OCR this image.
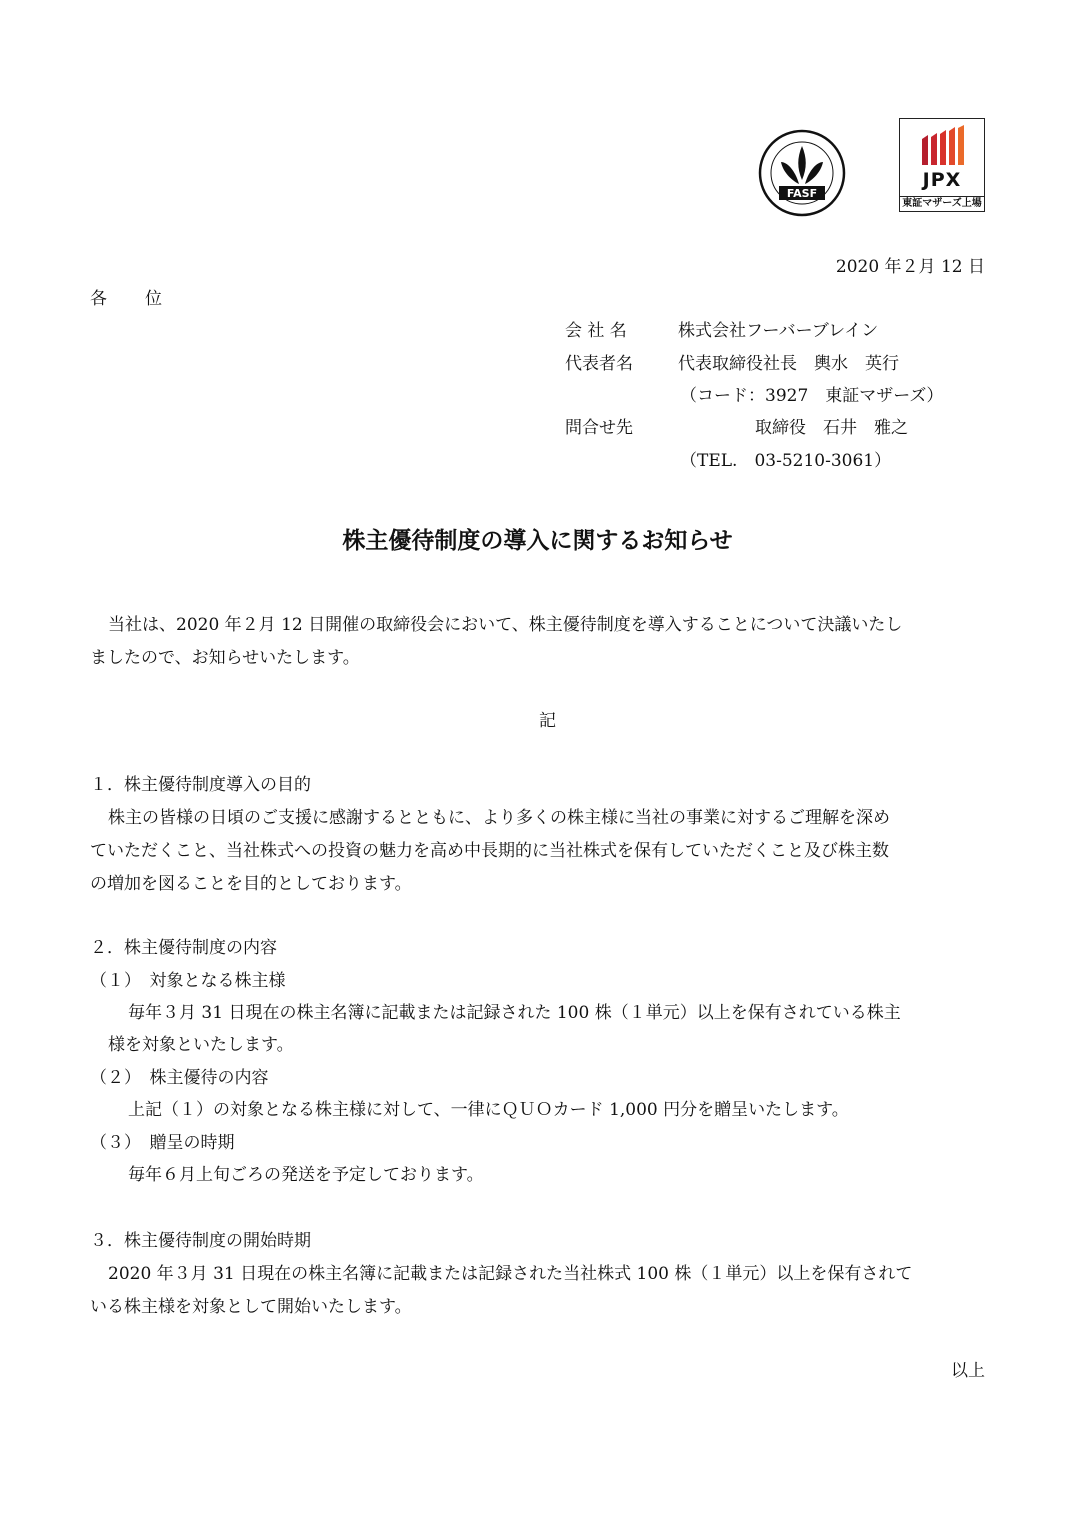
FASF
JPX
東証マザーズ上場
2020 年２月 12 日
各 位
会 社 名	株式会社フーバーブレイン
代表者名	代表取締役社長　輿水　英行
（コード：3927　東証マザーズ）
問合せ先	取締役　石井　雅之
（TEL.　03-5210-3061）
株主優待制度の導入に関するお知らせ
当社は、2020 年２月 12 日開催の取締役会において、株主優待制度を導入することについて決議いたし
ましたので、お知らせいたします。
記
１．株主優待制度導入の目的
株主の皆様の日頃のご支援に感謝するとともに、より多くの株主様に当社の事業に対するご理解を深め
ていただくこと、当社株式への投資の魅力を高め中長期的に当社株式を保有していただくこと及び株主数
の増加を図ることを目的としております。
２．株主優待制度の内容
（１）　対象となる株主様
毎年３月 31 日現在の株主名簿に記載または記録された 100 株（１単元）以上を保有されている株主
様を対象といたします。
（２）　株主優待の内容
上記（１）の対象となる株主様に対して、一律にＱＵＯカード 1,000 円分を贈呈いたします。
（３）　贈呈の時期
毎年６月上旬ごろの発送を予定しております。
３．株主優待制度の開始時期
2020 年３月 31 日現在の株主名簿に記載または記録された当社株式 100 株（１単元）以上を保有されて
いる株主様を対象として開始いたします。
以上
